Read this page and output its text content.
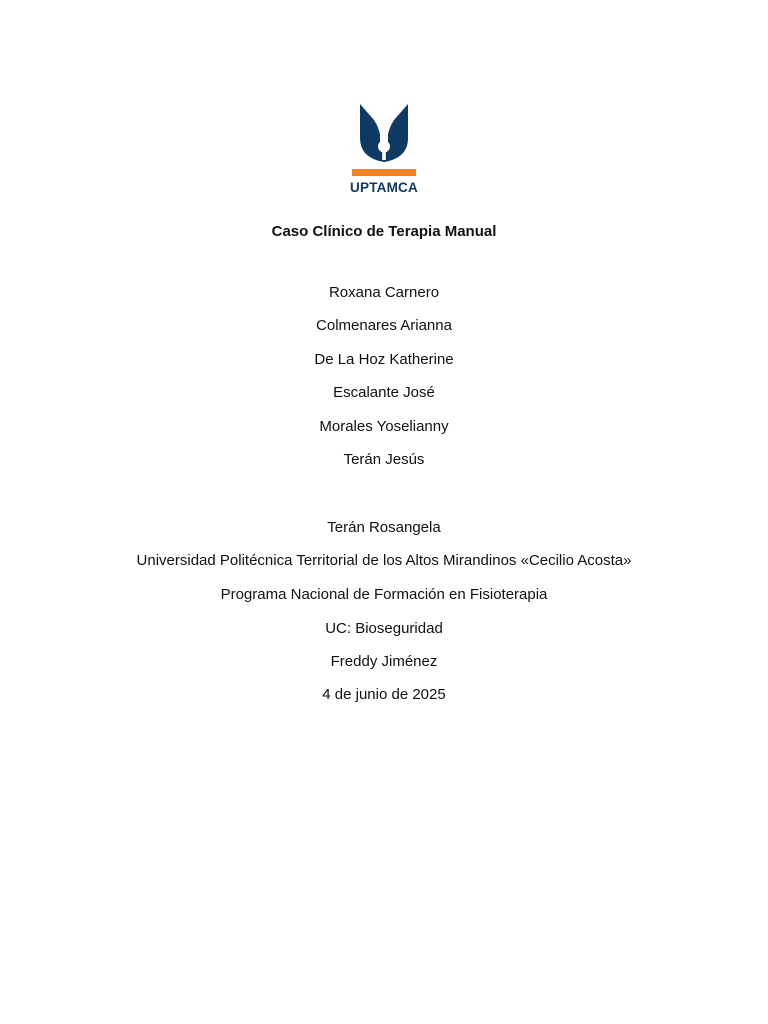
UPTAMCA
Caso Clínico de Terapia Manual
Roxana Carnero
Colmenares Arianna
De La Hoz Katherine
Escalante José
Morales Yoselianny
Terán Jesús
Terán Rosangela
Universidad Politécnica Territorial de los Altos Mirandinos «Cecilio Acosta»
Programa Nacional de Formación en Fisioterapia
UC: Bioseguridad
Freddy Jiménez
4 de junio de 2025
